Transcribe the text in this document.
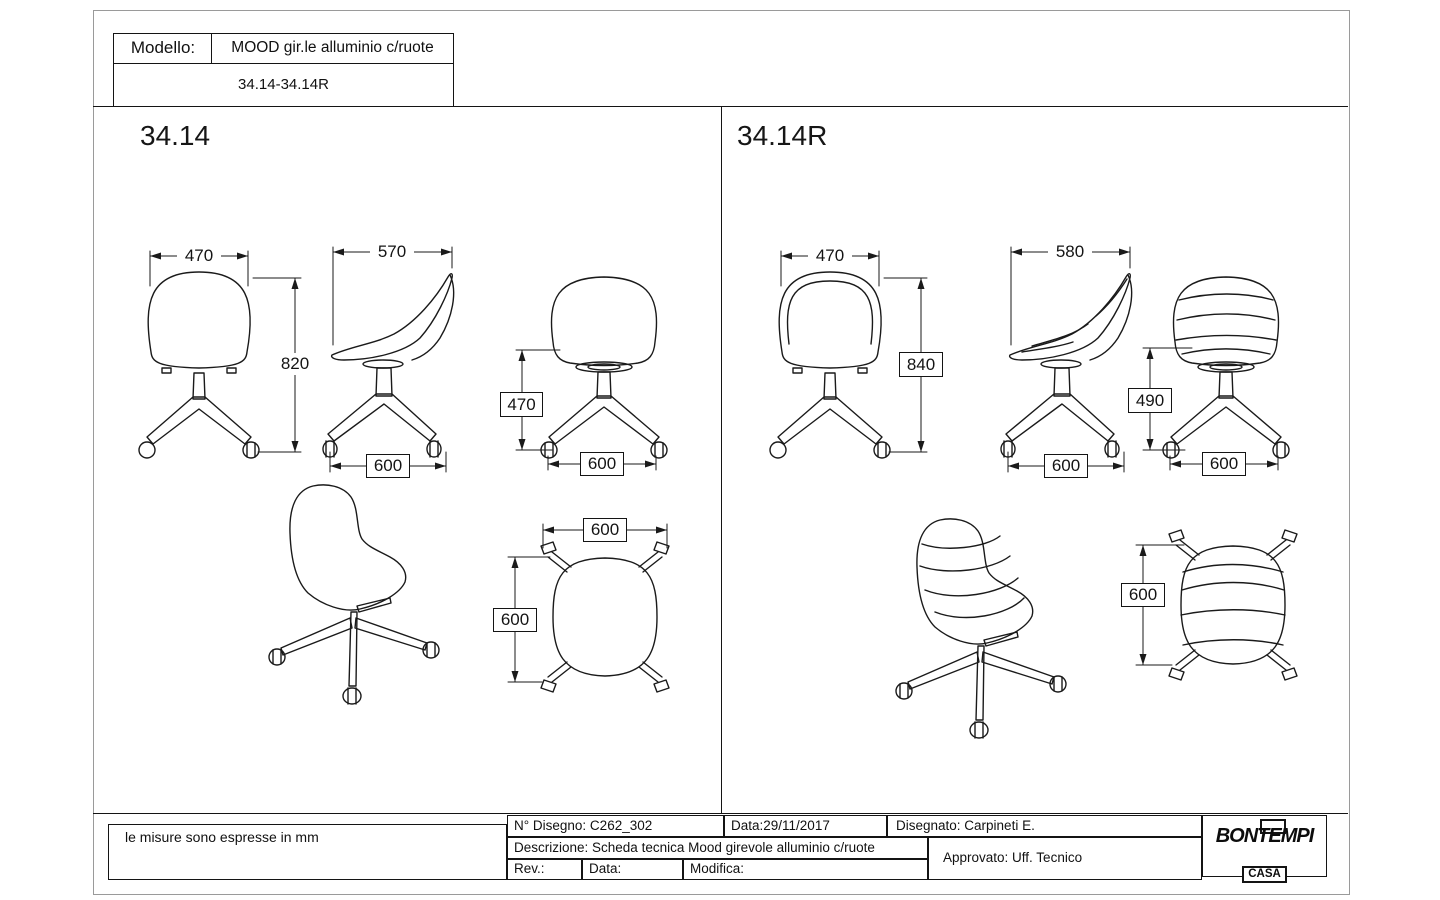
Modello:	MOOD gir.le alluminio c/ruote
34.14-34.14R
34.14	34.14R
470
820
570
600
470
600
600
600
470
840
580
600
490
600
600
le misure sono espresse in mm
N° Disegno: C262_302	Data:29/11/2017	Disegnato: Carpineti E.
Descrizione: Scheda tecnica Mood girevole alluminio c/ruote
Approvato: Uff. Tecnico
Rev.:	Data:	Modifica:
BONTEMPI

CASA
